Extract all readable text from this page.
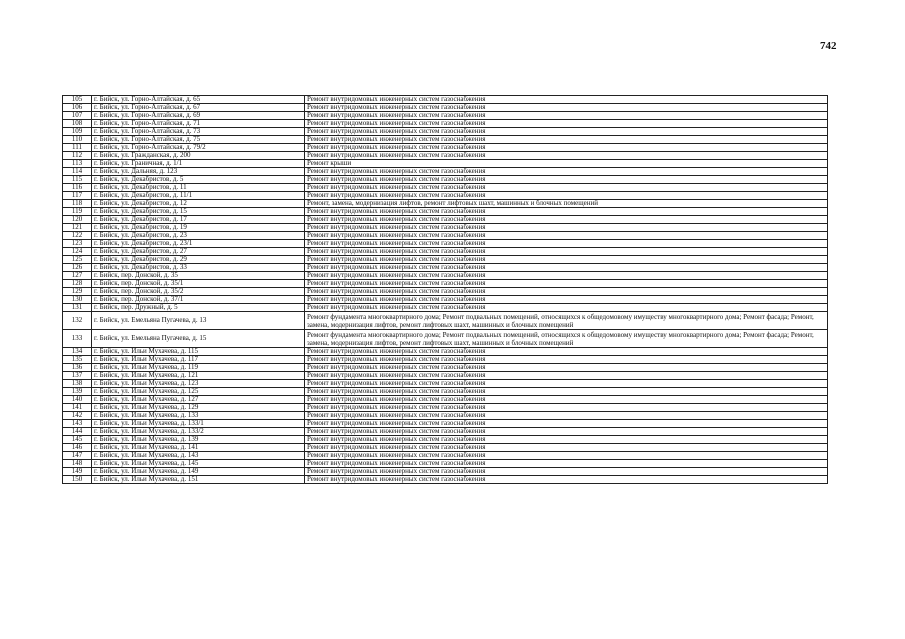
742
105	г. Бийск, ул. Горно-Алтайская, д. 65	Ремонт внутридомовых инженерных систем газоснабжения
106	г. Бийск, ул. Горно-Алтайская, д. 67	Ремонт внутридомовых инженерных систем газоснабжения
107	г. Бийск, ул. Горно-Алтайская, д. 69	Ремонт внутридомовых инженерных систем газоснабжения
108	г. Бийск, ул. Горно-Алтайская, д. 71	Ремонт внутридомовых инженерных систем газоснабжения
109	г. Бийск, ул. Горно-Алтайская, д. 73	Ремонт внутридомовых инженерных систем газоснабжения
110	г. Бийск, ул. Горно-Алтайская, д. 75	Ремонт внутридомовых инженерных систем газоснабжения
111	г. Бийск, ул. Горно-Алтайская, д. 79/2	Ремонт внутридомовых инженерных систем газоснабжения
112	г. Бийск, ул. Гражданская, д. 200	Ремонт внутридомовых инженерных систем газоснабжения
113	г. Бийск, ул. Граничная, д. 1/1	Ремонт крыши
114	г. Бийск, ул. Дальняя, д. 123	Ремонт внутридомовых инженерных систем газоснабжения
115	г. Бийск, ул. Декабристов, д. 5	Ремонт внутридомовых инженерных систем газоснабжения
116	г. Бийск, ул. Декабристов, д. 11	Ремонт внутридомовых инженерных систем газоснабжения
117	г. Бийск, ул. Декабристов, д. 11/1	Ремонт внутридомовых инженерных систем газоснабжения
118	г. Бийск, ул. Декабристов, д. 12	Ремонт, замена, модернизация лифтов, ремонт лифтовых шахт, машинных и блочных помещений
119	г. Бийск, ул. Декабристов, д. 15	Ремонт внутридомовых инженерных систем газоснабжения
120	г. Бийск, ул. Декабристов, д. 17	Ремонт внутридомовых инженерных систем газоснабжения
121	г. Бийск, ул. Декабристов, д. 19	Ремонт внутридомовых инженерных систем газоснабжения
122	г. Бийск, ул. Декабристов, д. 23	Ремонт внутридомовых инженерных систем газоснабжения
123	г. Бийск, ул. Декабристов, д. 23/1	Ремонт внутридомовых инженерных систем газоснабжения
124	г. Бийск, ул. Декабристов, д. 27	Ремонт внутридомовых инженерных систем газоснабжения
125	г. Бийск, ул. Декабристов, д. 29	Ремонт внутридомовых инженерных систем газоснабжения
126	г. Бийск, ул. Декабристов, д. 33	Ремонт внутридомовых инженерных систем газоснабжения
127	г. Бийск, пер. Донской, д. 35	Ремонт внутридомовых инженерных систем газоснабжения
128	г. Бийск, пер. Донской, д. 35/1	Ремонт внутридомовых инженерных систем газоснабжения
129	г. Бийск, пер. Донской, д. 35/2	Ремонт внутридомовых инженерных систем газоснабжения
130	г. Бийск, пер. Донской, д. 37/1	Ремонт внутридомовых инженерных систем газоснабжения
131	г. Бийск, пер. Дружный, д. 5	Ремонт внутридомовых инженерных систем газоснабжения
132	г. Бийск, ул. Емельяна Пугачева, д. 13	Ремонт фундамента многоквартирного дома; Ремонт подвальных помещений, относящихся к общедомовому имуществу многоквартирного дома; Ремонт фасада; Ремонт, замена, модернизация лифтов, ремонт лифтовых шахт, машинных и блочных помещений
133	г. Бийск, ул. Емельяна Пугачева, д. 15	Ремонт фундамента многоквартирного дома; Ремонт подвальных помещений, относящихся к общедомовому имуществу многоквартирного дома; Ремонт фасада; Ремонт, замена, модернизация лифтов, ремонт лифтовых шахт, машинных и блочных помещений
134	г. Бийск, ул. Ильи Мухачева, д. 115	Ремонт внутридомовых инженерных систем газоснабжения
135	г. Бийск, ул. Ильи Мухачева, д. 117	Ремонт внутридомовых инженерных систем газоснабжения
136	г. Бийск, ул. Ильи Мухачева, д. 119	Ремонт внутридомовых инженерных систем газоснабжения
137	г. Бийск, ул. Ильи Мухачева, д. 121	Ремонт внутридомовых инженерных систем газоснабжения
138	г. Бийск, ул. Ильи Мухачева, д. 123	Ремонт внутридомовых инженерных систем газоснабжения
139	г. Бийск, ул. Ильи Мухачева, д. 125	Ремонт внутридомовых инженерных систем газоснабжения
140	г. Бийск, ул. Ильи Мухачева, д. 127	Ремонт внутридомовых инженерных систем газоснабжения
141	г. Бийск, ул. Ильи Мухачева, д. 129	Ремонт внутридомовых инженерных систем газоснабжения
142	г. Бийск, ул. Ильи Мухачева, д. 133	Ремонт внутридомовых инженерных систем газоснабжения
143	г. Бийск, ул. Ильи Мухачева, д. 133/1	Ремонт внутридомовых инженерных систем газоснабжения
144	г. Бийск, ул. Ильи Мухачева, д. 133/2	Ремонт внутридомовых инженерных систем газоснабжения
145	г. Бийск, ул. Ильи Мухачева, д. 139	Ремонт внутридомовых инженерных систем газоснабжения
146	г. Бийск, ул. Ильи Мухачева, д. 141	Ремонт внутридомовых инженерных систем газоснабжения
147	г. Бийск, ул. Ильи Мухачева, д. 143	Ремонт внутридомовых инженерных систем газоснабжения
148	г. Бийск, ул. Ильи Мухачева, д. 145	Ремонт внутридомовых инженерных систем газоснабжения
149	г. Бийск, ул. Ильи Мухачева, д. 149	Ремонт внутридомовых инженерных систем газоснабжения
150	г. Бийск, ул. Ильи Мухачева, д. 151	Ремонт внутридомовых инженерных систем газоснабжения
